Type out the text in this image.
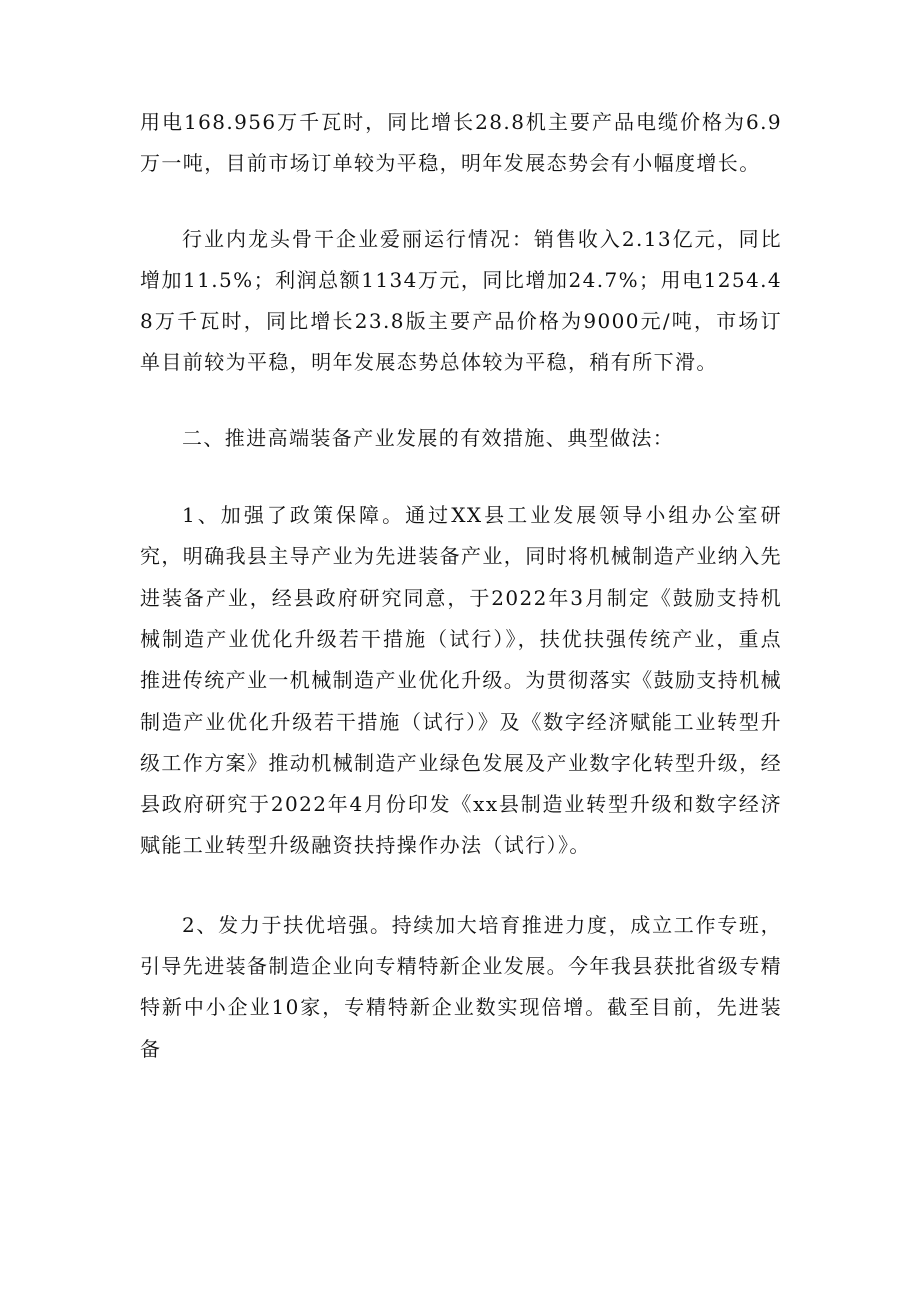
用电168.956万千瓦时，同比增长28.8机主要产品电缆价格为6.9万一吨，目前市场订单较为平稳，明年发展态势会有小幅度增长。

行业内龙头骨干企业爱丽运行情况：销售收入2.13亿元，同比增加11.5%；利润总额1134万元，同比增加24.7%；用电1254.48万千瓦时，同比增长23.8版主要产品价格为9000元/吨，市场订单目前较为平稳，明年发展态势总体较为平稳，稍有所下滑。

二、推进高端装备产业发展的有效措施、典型做法：

1、加强了政策保障。通过XX县工业发展领导小组办公室研究，明确我县主导产业为先进装备产业，同时将机械制造产业纳入先进装备产业，经县政府研究同意，于2022年3月制定《鼓励支持机械制造产业优化升级若干措施（试行）》，扶优扶强传统产业，重点推进传统产业一机械制造产业优化升级。为贯彻落实《鼓励支持机械制造产业优化升级若干措施（试行）》及《数字经济赋能工业转型升级工作方案》推动机械制造产业绿色发展及产业数字化转型升级，经县政府研究于2022年4月份印发《xx县制造业转型升级和数字经济赋能工业转型升级融资扶持操作办法（试行）》。

2、发力于扶优培强。持续加大培育推进力度，成立工作专班，引导先进装备制造企业向专精特新企业发展。今年我县获批省级专精特新中小企业10家，专精特新企业数实现倍增。截至目前，先进装备
